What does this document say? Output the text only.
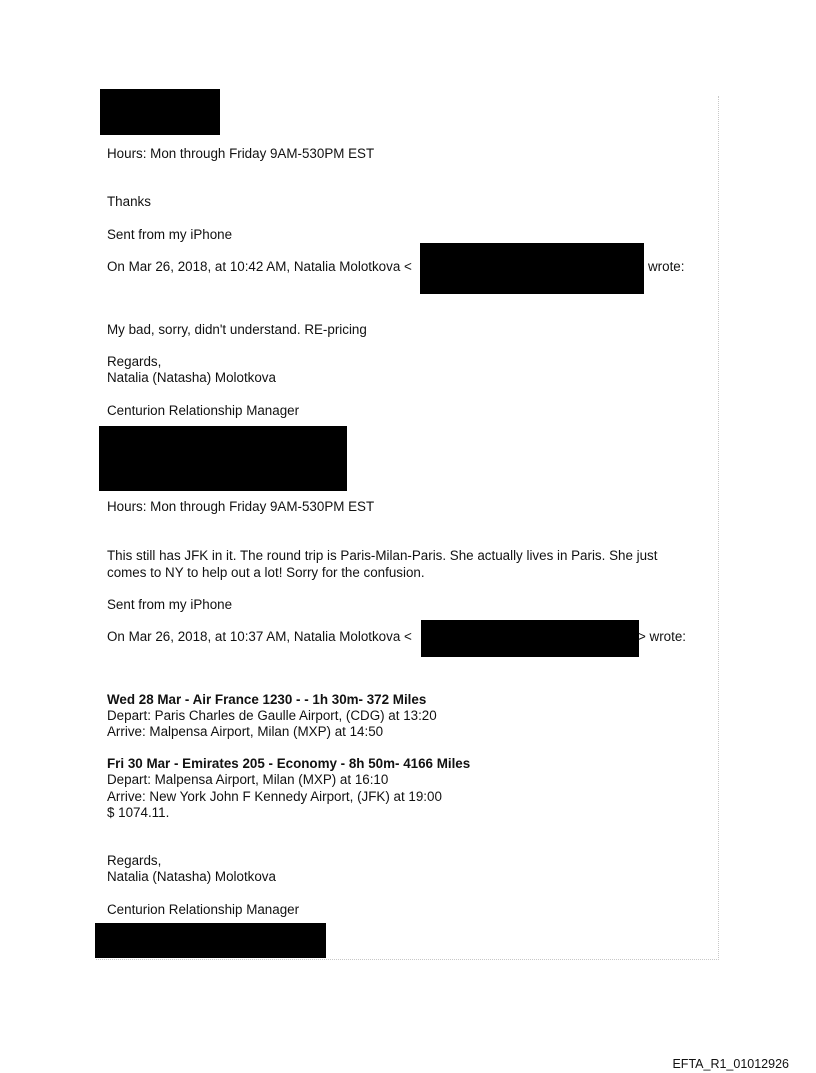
Hours: Mon through Friday 9AM-530PM EST
Thanks
Sent from my iPhone
On Mar 26, 2018, at 10:42 AM, Natalia Molotkova <	wrote:
My bad, sorry, didn't understand. RE-pricing
Regards,
Natalia (Natasha) Molotkova
Centurion Relationship Manager
Hours: Mon through Friday 9AM-530PM EST
This still has JFK in it. The round trip is Paris-Milan-Paris. She actually lives in Paris. She just
comes to NY to help out a lot! Sorry for the confusion.
Sent from my iPhone
On Mar 26, 2018, at 10:37 AM, Natalia Molotkova <	> wrote:
Wed 28 Mar - Air France 1230 - - 1h 30m- 372 Miles
Depart: Paris Charles de Gaulle Airport, (CDG) at 13:20
Arrive: Malpensa Airport, Milan (MXP) at 14:50
Fri 30 Mar - Emirates 205 - Economy - 8h 50m- 4166 Miles
Depart: Malpensa Airport, Milan (MXP) at 16:10
Arrive: New York John F Kennedy Airport, (JFK) at 19:00
$ 1074.11.
Regards,
Natalia (Natasha) Molotkova
Centurion Relationship Manager
EFTA_R1_01012926
